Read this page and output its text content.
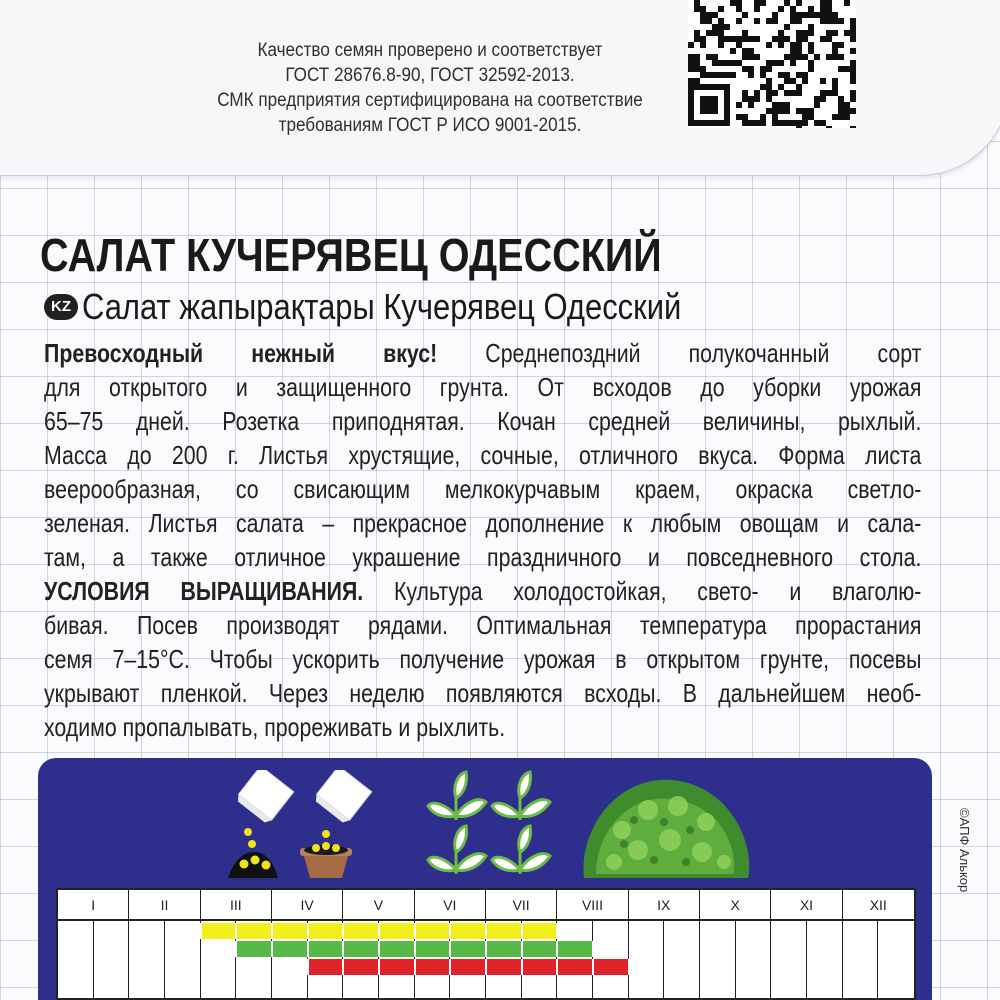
Качество семян проверено и соответствует
ГОСТ 28676.8-90, ГОСТ 32592-2013.
СМК предприятия сертифицирована на соответствие
требованиям ГОСТ Р ИСО 9001-2015.
САЛАТ КУЧЕРЯВЕЦ ОДЕССКИЙ
KZ Салат жапырақтары Кучерявец Одесский
Превосходный нежный вкус! Среднепоздний полукочанный сорт
для открытого и защищенного грунта. От всходов до уборки урожая
65–75 дней. Розетка приподнятая. Кочан средней величины, рыхлый.
Масса до 200 г. Листья хрустящие, сочные, отличного вкуса. Форма листа
веерообразная, со свисающим мелкокурчавым краем, окраска светло-
зеленая. Листья салата – прекрасное дополнение к любым овощам и сала-
там, а также отличное украшение праздничного и повседневного стола.
УСЛОВИЯ ВЫРАЩИВАНИЯ. Культура холодостойкая, свето- и влаголю-
бивая. Посев производят рядами. Оптимальная температура прорастания
семя 7–15°С. Чтобы ускорить получение урожая в открытом грунте, посевы
укрывают пленкой. Через неделю появляются всходы. В дальнейшем необ-
ходимо пропалывать, прореживать и рыхлить.
I	II	III	IV	V	VI	VII	VIII	IX	X	XI	XII
©АПФ Алькор
